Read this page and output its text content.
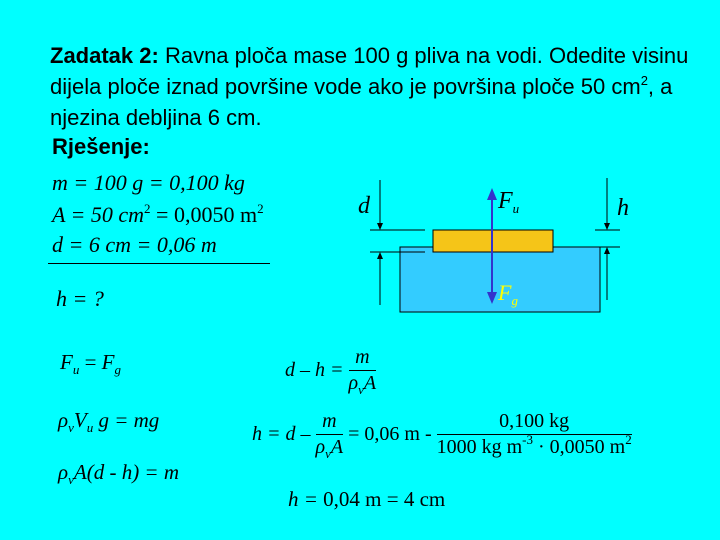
Zadatak 2: Ravna ploča mase 100 g pliva na vodi. Odedite visinu dijela ploče iznad površine vode ako je površina ploče 50 $cm^2$, a njezina debljina 6 cm.
Rješenje:
m = 100 g = 0,100 kg
A = 50 $cm^2 = 0,0050$ $m^2$
d = 6 cm = 0,06 m
h = ?
d	h
$F_u$
$F_g$
$F_u = F_g$
$\rho_vV_u$ g = mg
$\rho_vA(d - h) = m$
$d - h = \frac{m}{\rho_vA}$
$h = d - \frac{m}{\rho_vA} = 0,06$ m - $\frac{0,100 kg}{1000 kg m^{-3} \cdot 0,0050 m^2}$
h = 0,04 m = 4 cm
